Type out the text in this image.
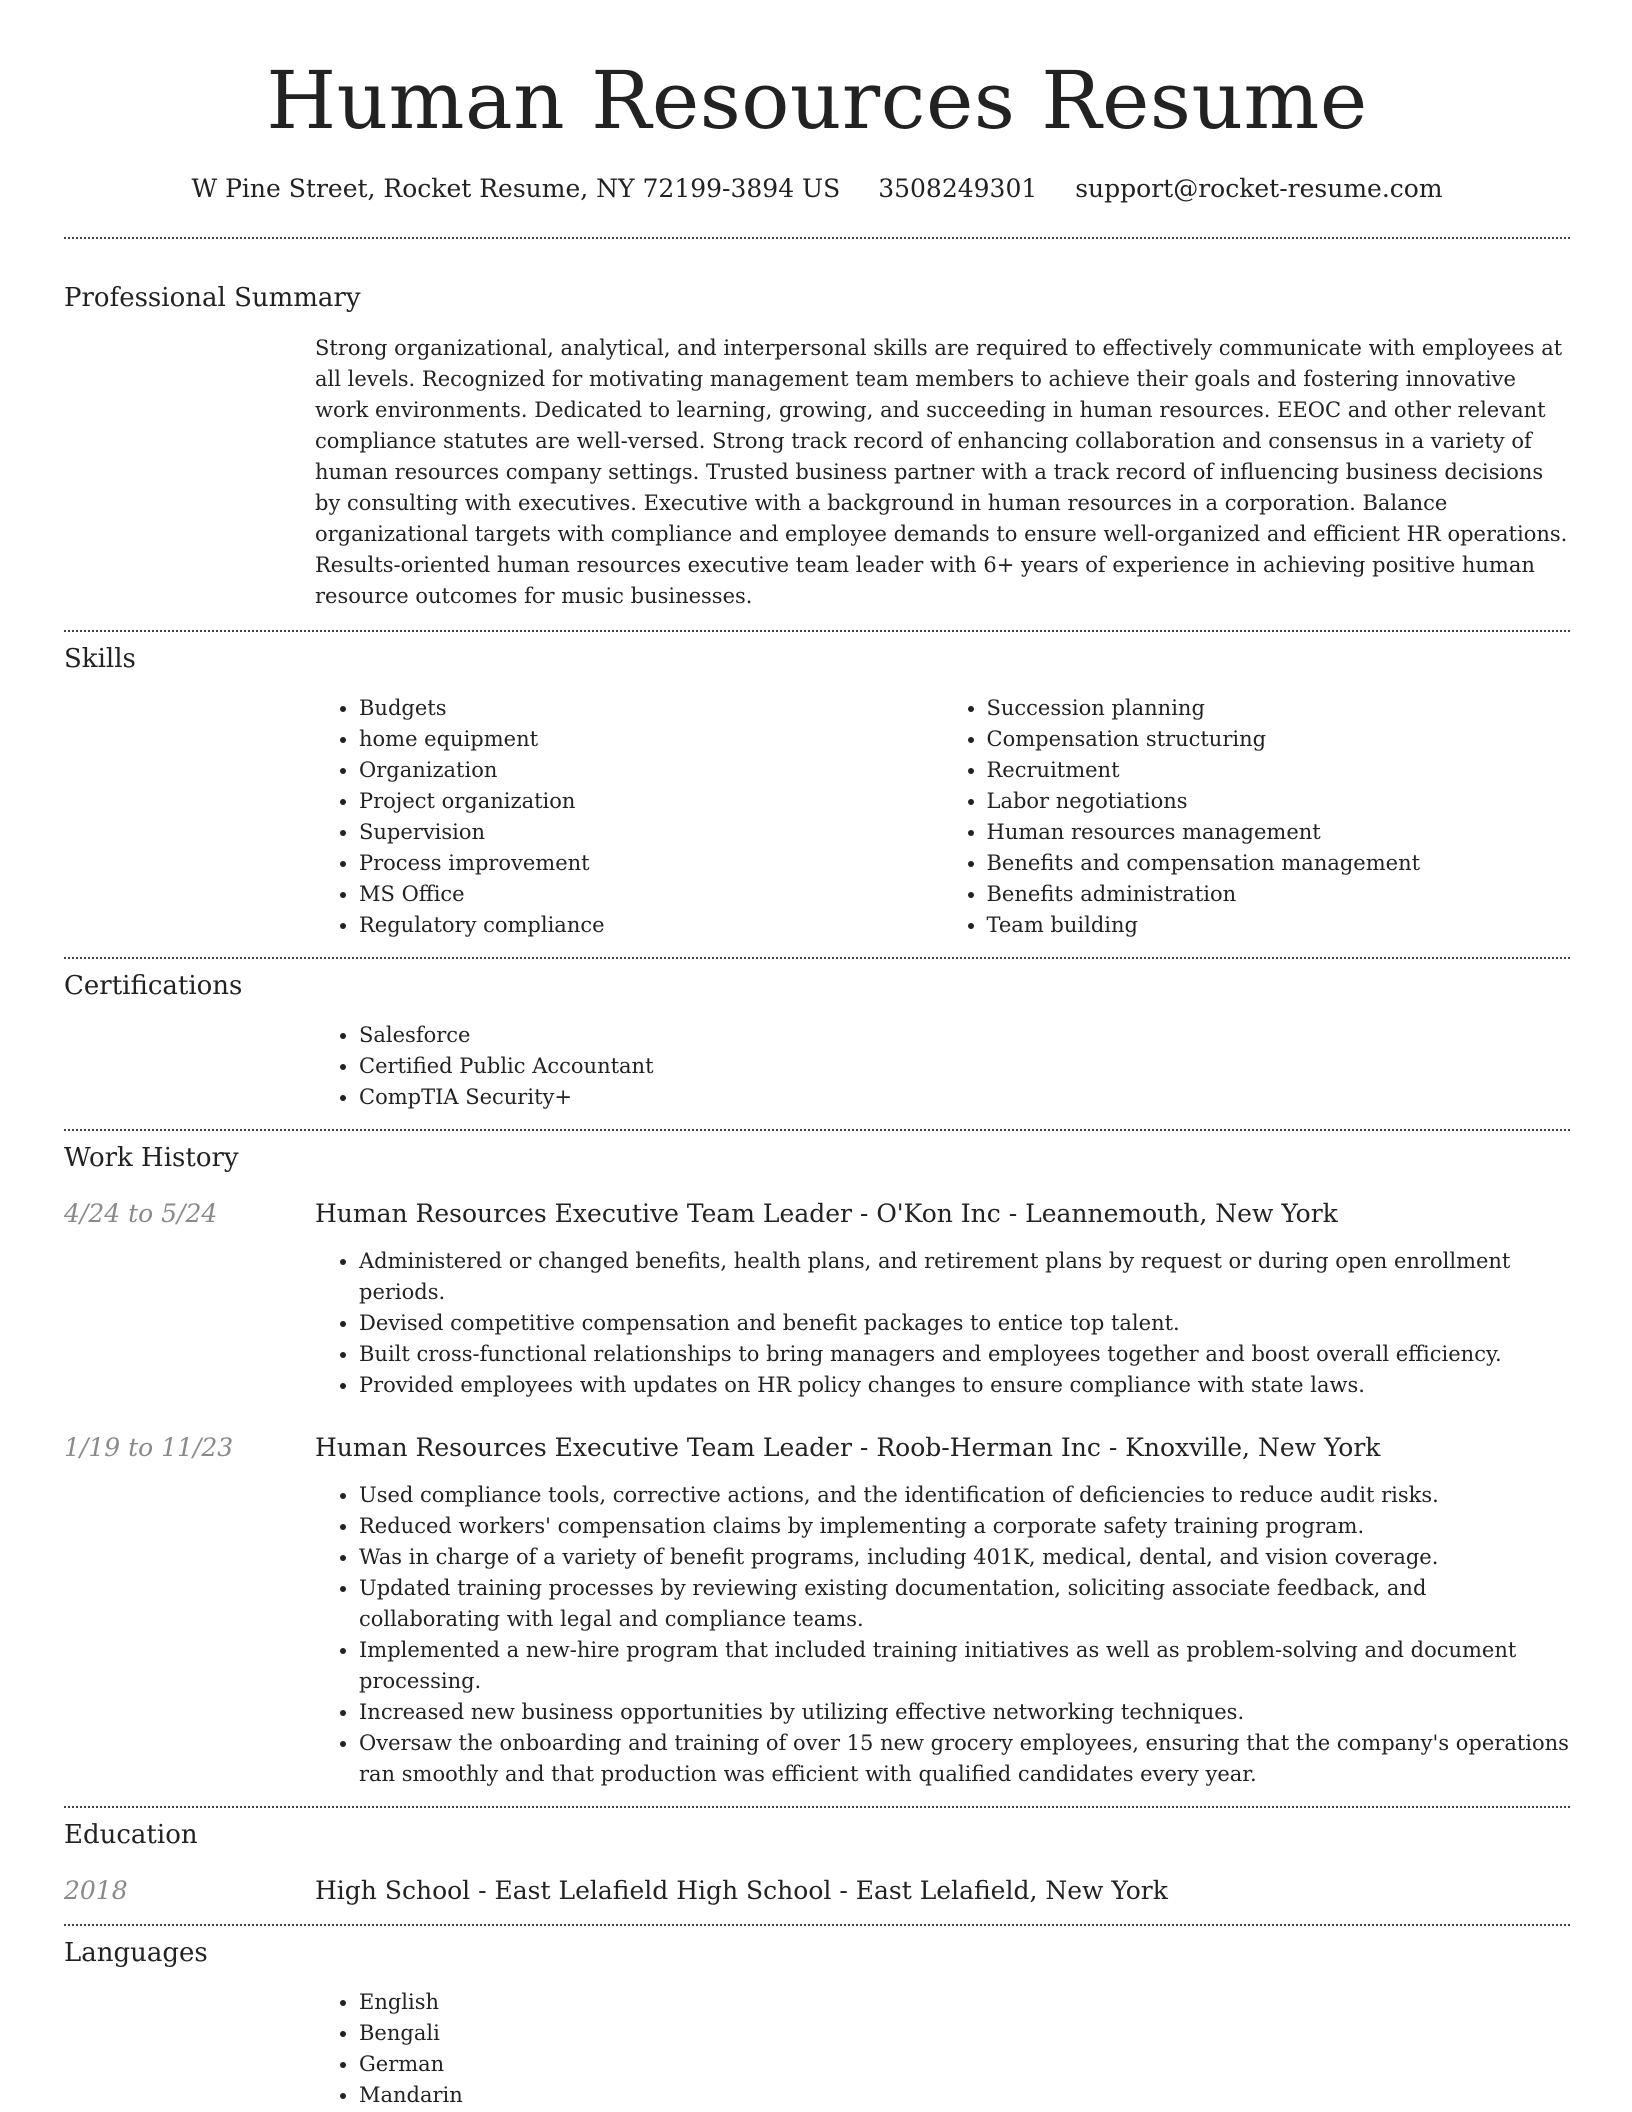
Human Resources Resume
W Pine Street, Rocket Resume, NY 72199-3894 US 3508249301 support@rocket-resume.com
Professional Summary

Strong organizational, analytical, and interpersonal skills are required to effectively communicate with employees at all levels. Recognized for motivating management team members to achieve their goals and fostering innovative work environments. Dedicated to learning, growing, and succeeding in human resources. EEOC and other relevant compliance statutes are well-versed. Strong track record of enhancing collaboration and consensus in a variety of human resources company settings. Trusted business partner with a track record of influencing business decisions by consulting with executives. Executive with a background in human resources in a corporation. Balance organizational targets with compliance and employee demands to ensure well-organized and efficient HR operations. Results-oriented human resources executive team leader with 6+ years of experience in achieving positive human resource outcomes for music businesses.

Skills
• Budgets
• home equipment
• Organization
• Project organization
• Supervision
• Process improvement
• MS Office
• Regulatory compliance
• Succession planning
• Compensation structuring
• Recruitment
• Labor negotiations
• Human resources management
• Benefits and compensation management
• Benefits administration
• Team building
Certifications
• Salesforce
• Certified Public Accountant
• CompTIA Security+
Work History
4/24 to 5/24	Human Resources Executive Team Leader - O'Kon Inc - Leannemouth, New York
• Administered or changed benefits, health plans, and retirement plans by request or during open enrollment periods.
• Devised competitive compensation and benefit packages to entice top talent.
• Built cross-functional relationships to bring managers and employees together and boost overall efficiency.
• Provided employees with updates on HR policy changes to ensure compliance with state laws.
1/19 to 11/23	Human Resources Executive Team Leader - Roob-Herman Inc - Knoxville, New York
• Used compliance tools, corrective actions, and the identification of deficiencies to reduce audit risks.
• Reduced workers' compensation claims by implementing a corporate safety training program.
• Was in charge of a variety of benefit programs, including 401K, medical, dental, and vision coverage.
• Updated training processes by reviewing existing documentation, soliciting associate feedback, and collaborating with legal and compliance teams.
• Implemented a new-hire program that included training initiatives as well as problem-solving and document processing.
• Increased new business opportunities by utilizing effective networking techniques.
• Oversaw the onboarding and training of over 15 new grocery employees, ensuring that the company's operations ran smoothly and that production was efficient with qualified candidates every year.
Education
2018	High School - East Lelafield High School - East Lelafield, New York
Languages
• English
• Bengali
• German
• Mandarin
